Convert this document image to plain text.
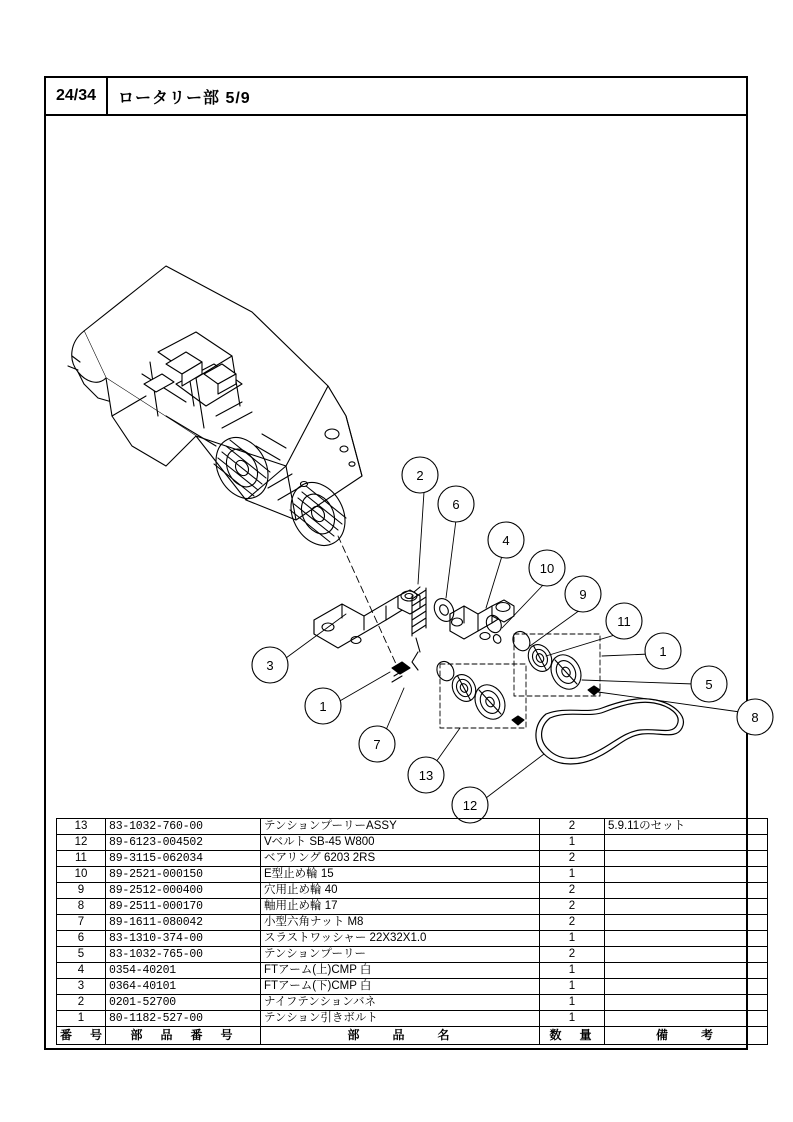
24/34	ロータリー部 5/9
1
2
3
4
5
6
7
8
9
10
11
12
13
1
13	83-1032-760-00	テンションプーリーASSY	2	5.9.11のセット
12	89-6123-004502	Vベルト SB-45 W800	1	
11	89-3115-062034	ベアリング 6203 2RS	2	
10	89-2521-000150	E型止め輪 15	1	
9	89-2512-000400	穴用止め輪 40	2	
8	89-2511-000170	軸用止め輪 17	2	
7	89-1611-080042	小型六角ナット M8	2	
6	83-1310-374-00	スラストワッシャー 22X32X1.0	1	
5	83-1032-765-00	テンションプーリー	2	
4	0354-40201	FTアーム(上)CMP 白	1	
3	0364-40101	FTアーム(下)CMP 白	1	
2	0201-52700	ナイフテンションバネ	1	
1	80-1182-527-00	テンション引きボルト	1	
番　号	部　品　番　号	部　　品　　名	数　量	備　　考
